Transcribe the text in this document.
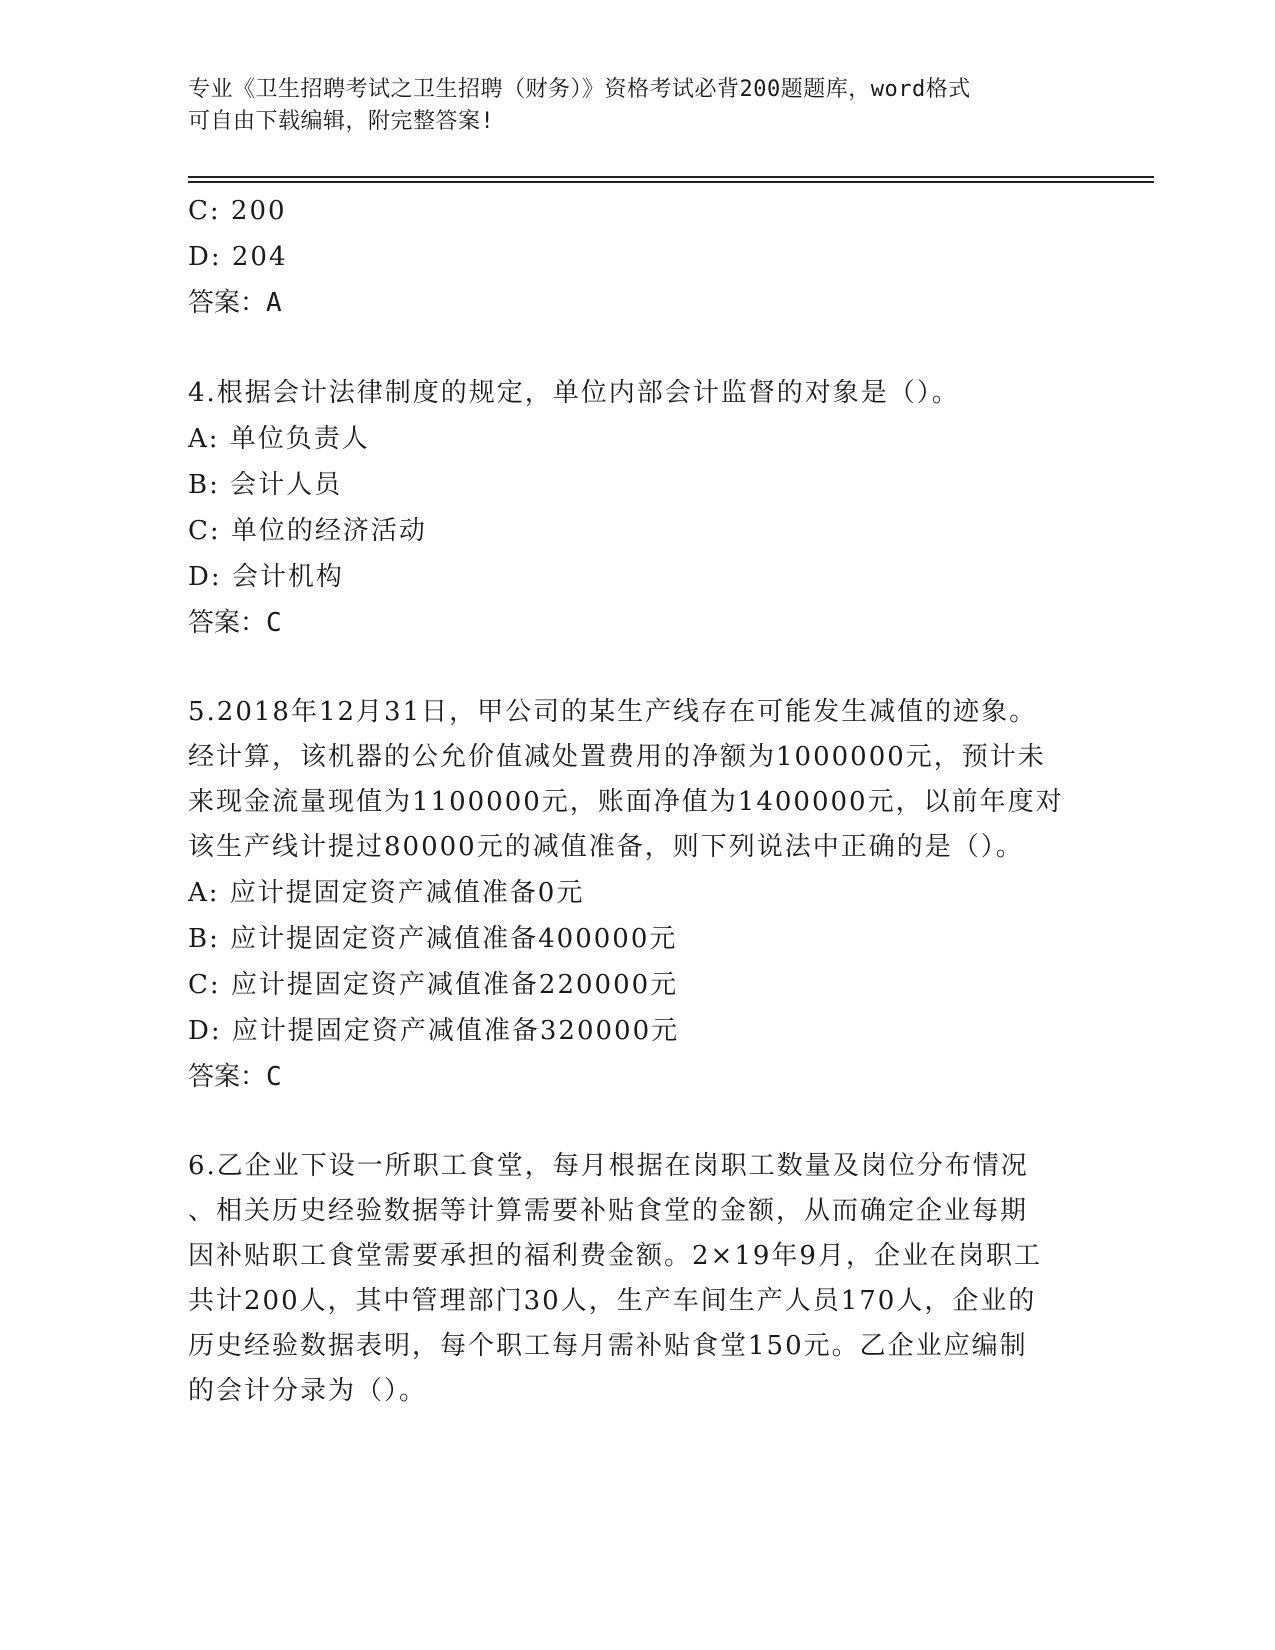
专业《卫生招聘考试之卫生招聘（财务）》资格考试必背200题题库，word格式
可自由下载编辑，附完整答案!
C: 200
D: 204
答案：A
4.根据会计法律制度的规定，单位内部会计监督的对象是（）。
A: 单位负责人
B: 会计人员
C: 单位的经济活动
D: 会计机构
答案：C
5.2018年12月31日，甲公司的某生产线存在可能发生减值的迹象。
经计算，该机器的公允价值减处置费用的净额为1000000元，预计未
来现金流量现值为1100000元，账面净值为1400000元，以前年度对
该生产线计提过80000元的减值准备，则下列说法中正确的是（）。
A: 应计提固定资产减值准备0元
B: 应计提固定资产减值准备400000元
C: 应计提固定资产减值准备220000元
D: 应计提固定资产减值准备320000元
答案：C
6.乙企业下设一所职工食堂，每月根据在岗职工数量及岗位分布情况
、相关历史经验数据等计算需要补贴食堂的金额，从而确定企业每期
因补贴职工食堂需要承担的福利费金额。2×19年9月，企业在岗职工
共计200人，其中管理部门30人，生产车间生产人员170人，企业的
历史经验数据表明，每个职工每月需补贴食堂150元。乙企业应编制
的会计分录为（）。
